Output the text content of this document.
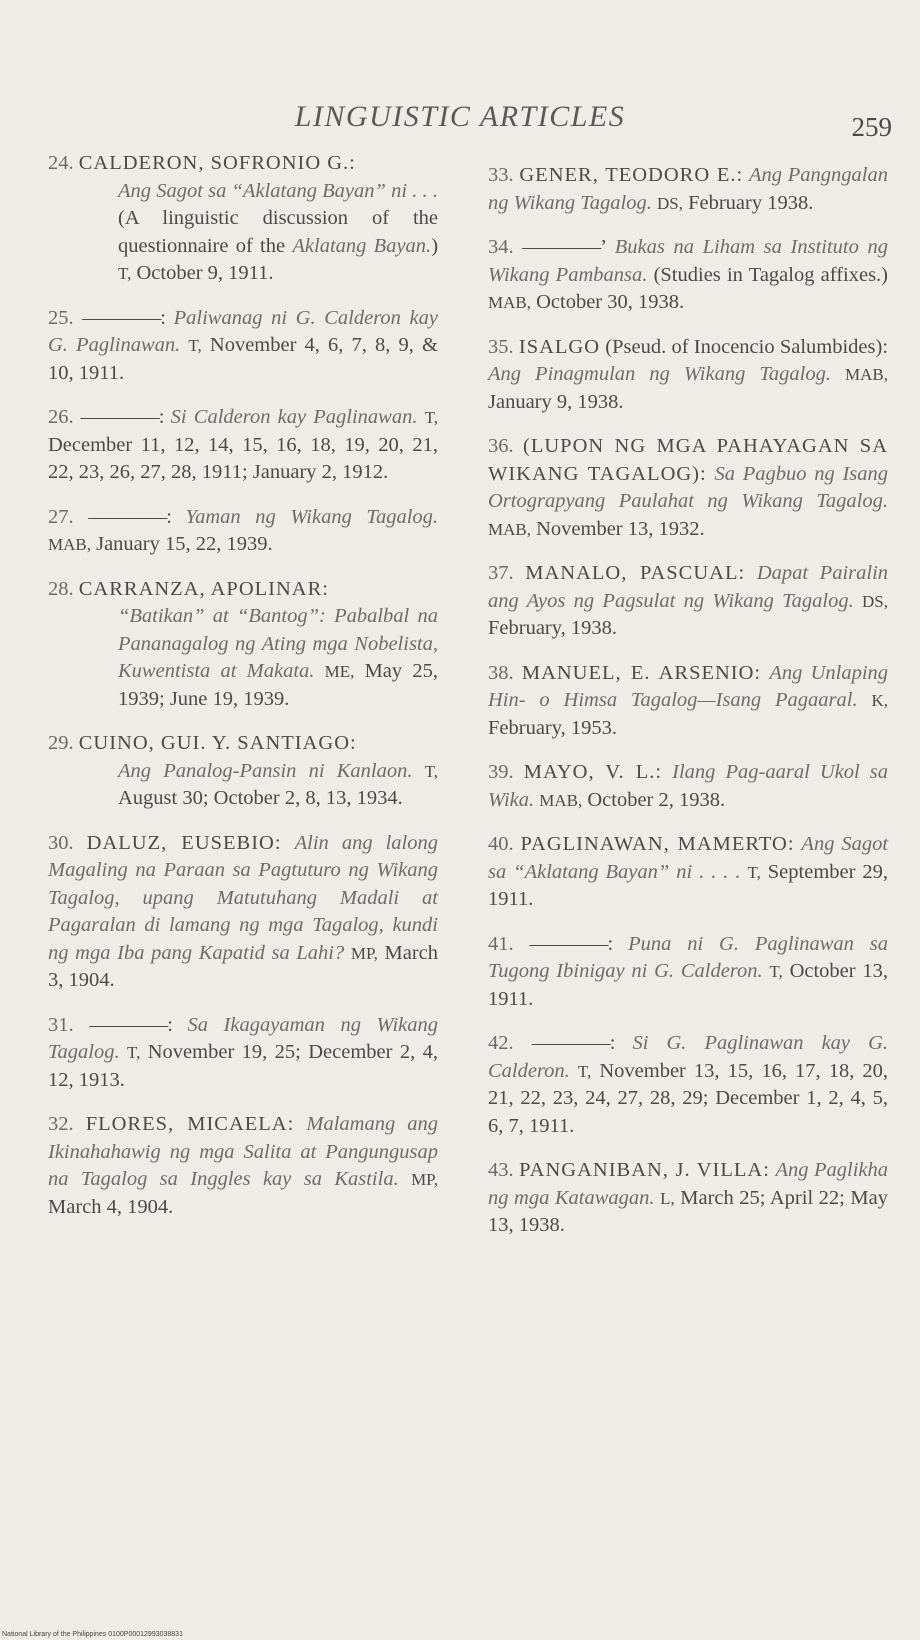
LINGUISTIC ARTICLES	259
24. CALDERON, SOFRONIO G.:
Ang Sagot sa “Aklatang Bayan” ni . . . (A linguistic discussion of the questionnaire of the Aklatang Bayan.) T, October 9, 1911.
25. ————: Paliwanag ni G. Calderon kay G. Paglinawan. T, November 4, 6, 7, 8, 9, & 10, 1911.
26. ————: Si Calderon kay Paglinawan. T, December 11, 12, 14, 15, 16, 18, 19, 20, 21, 22, 23, 26, 27, 28, 1911; January 2, 1912.
27. ————: Yaman ng Wikang Tagalog. MAB, January 15, 22, 1939.
28. CARRANZA, APOLINAR:
“Batikan” at “Bantog”: Pabalbal na Pananagalog ng Ating mga Nobelista, Kuwentista at Makata. ME, May 25, 1939; June 19, 1939.
29. CUINO, GUI. Y. SANTIAGO:
Ang Panalog-Pansin ni Kanlaon. T, August 30; October 2, 8, 13, 1934.
30. DALUZ, EUSEBIO: Alin ang lalong Magaling na Paraan sa Pagtuturo ng Wikang Tagalog, upang Matutuhang Madali at Pagaralan di lamang ng mga Tagalog, kundi ng mga Iba pang Kapatid sa Lahi? MP, March 3, 1904.
31. ————: Sa Ikagayaman ng Wikang Tagalog. T, November 19, 25; December 2, 4, 12, 1913.
32. FLORES, MICAELA: Malamang ang Ikinahahawig ng mga Salita at Pangungusap na Tagalog sa Inggles kay sa Kastila. MP, March 4, 1904.
33. GENER, TEODORO E.: Ang Pangngalan ng Wikang Tagalog. DS, February 1938.
34. ————’ Bukas na Liham sa Instituto ng Wikang Pambansa. (Studies in Tagalog affixes.) MAB, October 30, 1938.
35. ISALGO (Pseud. of Inocencio Salumbides): Ang Pinagmulan ng Wikang Tagalog. MAB, January 9, 1938.
36. (LUPON NG MGA PAHAYAGAN SA WIKANG TAGALOG): Sa Pagbuo ng Isang Ortograpyang Paulahat ng Wikang Tagalog. MAB, November 13, 1932.
37. MANALO, PASCUAL: Dapat Pairalin ang Ayos ng Pagsulat ng Wikang Tagalog. DS, February, 1938.
38. MANUEL, E. ARSENIO: Ang Unlaping Hin- o Himsa Tagalog—Isang Pagaaral. K, February, 1953.
39. MAYO, V. L.: Ilang Pag-aaral Ukol sa Wika. MAB, October 2, 1938.
40. PAGLINAWAN, MAMERTO: Ang Sagot sa “Aklatang Bayan” ni . . . . T, September 29, 1911.
41. ————: Puna ni G. Paglinawan sa Tugong Ibinigay ni G. Calderon. T, October 13, 1911.
42. ————: Si G. Paglinawan kay G. Calderon. T, November 13, 15, 16, 17, 18, 20, 21, 22, 23, 24, 27, 28, 29; December 1, 2, 4, 5, 6, 7, 1911.
43. PANGANIBAN, J. VILLA: Ang Paglikha ng mga Katawagan. L, March 25; April 22; May 13, 1938.
National Library of the Philippines 0100P00012993038831
